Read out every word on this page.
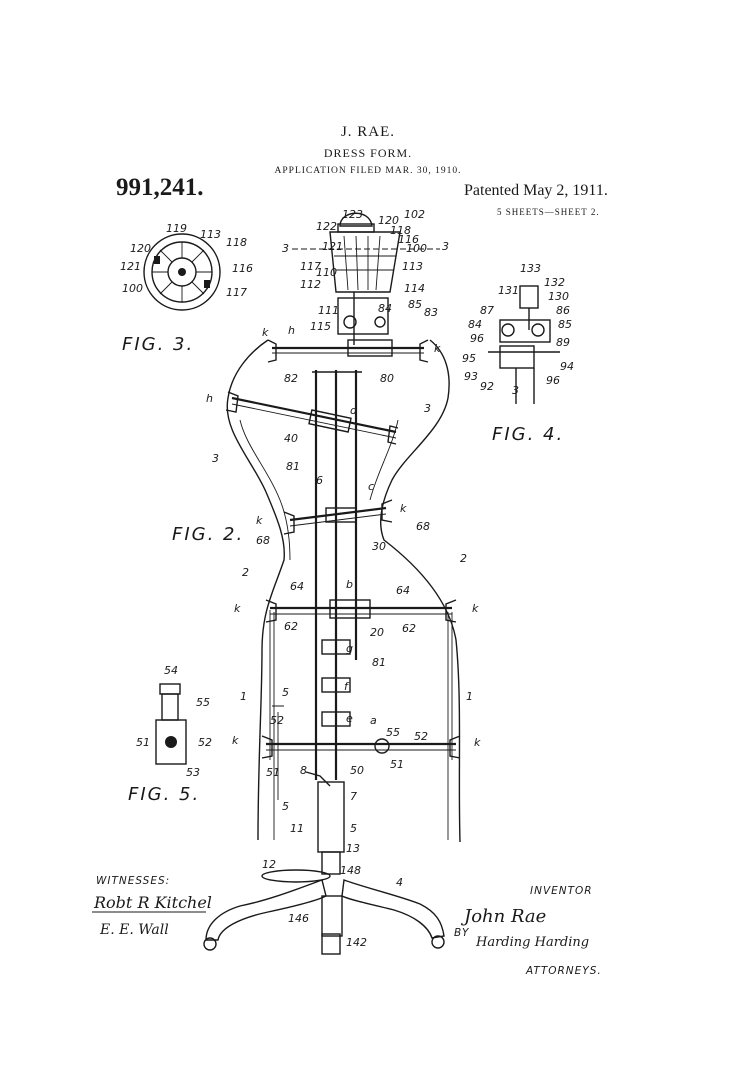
J. RAE.
DRESS FORM.
APPLICATION FILED MAR. 30, 1910.
991,241.	Patented May 2, 1911.
5 SHEETS—SHEET 2.
122
123	102
120
118
121
116
100
117
110
112
113
114
111
115
84 85
83
82	80
d	3
3
40
81
6	c
k
k	68
68	30
2
2
64	64
b
k	k
62	62
20
g
81
f
e a
1	1
5
5
52
52
55
k	k
51
51
50
8
7
11	5
13
12	148
4
146
142
k h
k
h
3	3
119 113
120	118
121	116
100	117
133
132
131	130
87	86
84	85
96	89
95
94
93
92	96
3
54
55
51	52
53
FIG. 3.
FIG. 4.
FIG. 2.
FIG. 5.
WITNESSES:
Robt R Kitchel
E. E. Wall
INVENTOR
John Rae
BY
Harding Harding
ATTORNEYS.
